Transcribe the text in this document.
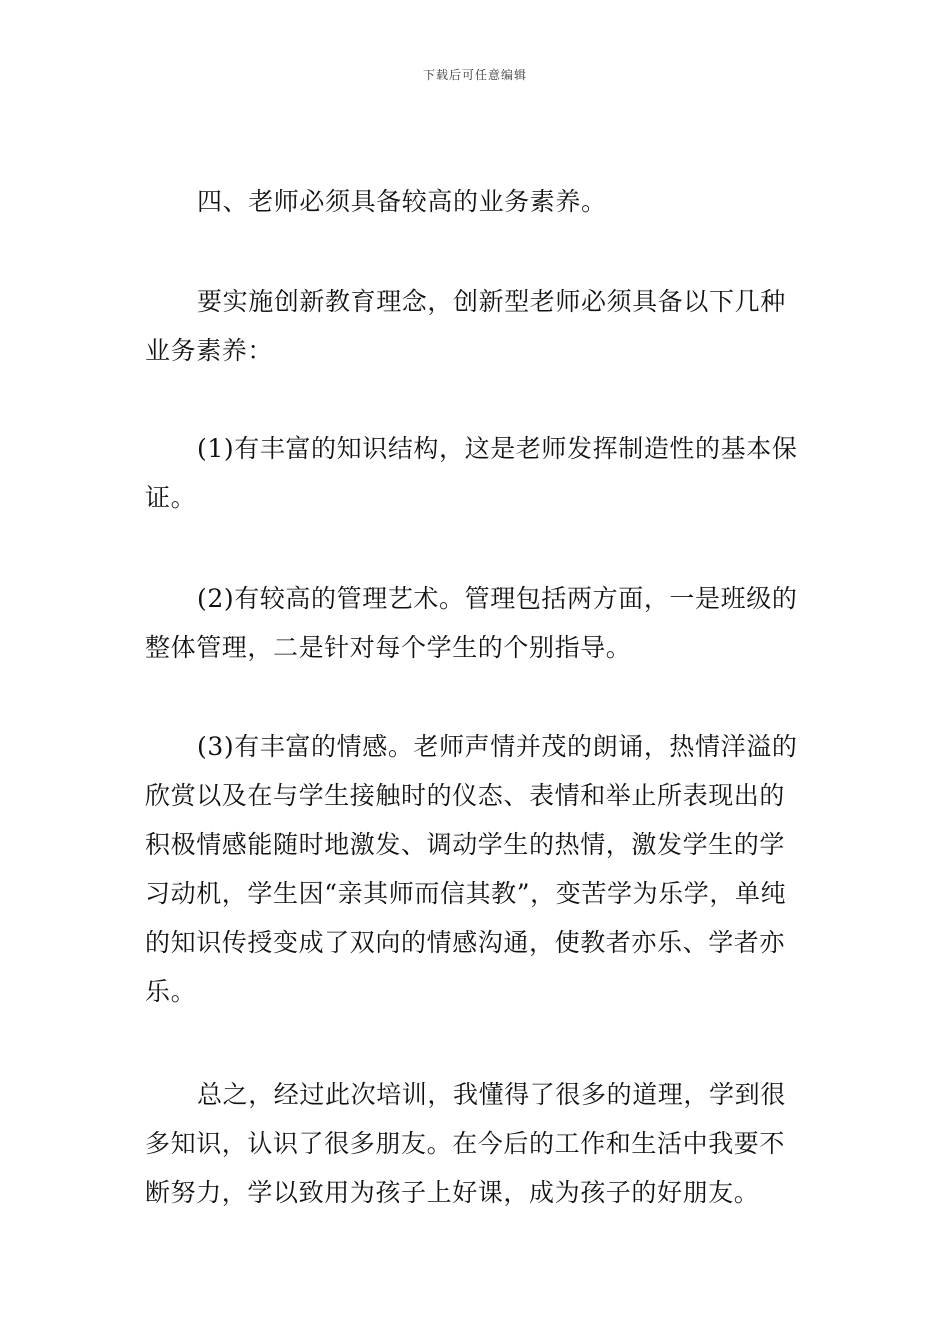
下载后可任意编辑

四、老师必须具备较高的业务素养。

要实施创新教育理念，创新型老师必须具备以下几种业务素养：

(1)有丰富的知识结构，这是老师发挥制造性的基本保证。

(2)有较高的管理艺术。管理包括两方面，一是班级的整体管理，二是针对每个学生的个别指导。

(3)有丰富的情感。老师声情并茂的朗诵，热情洋溢的欣赏以及在与学生接触时的仪态、表情和举止所表现出的积极情感能随时地激发、调动学生的热情，激发学生的学习动机，学生因“亲其师而信其教”，变苦学为乐学，单纯的知识传授变成了双向的情感沟通，使教者亦乐、学者亦乐。

总之，经过此次培训，我懂得了很多的道理，学到很多知识，认识了很多朋友。在今后的工作和生活中我要不断努力，学以致用为孩子上好课，成为孩子的好朋友。
